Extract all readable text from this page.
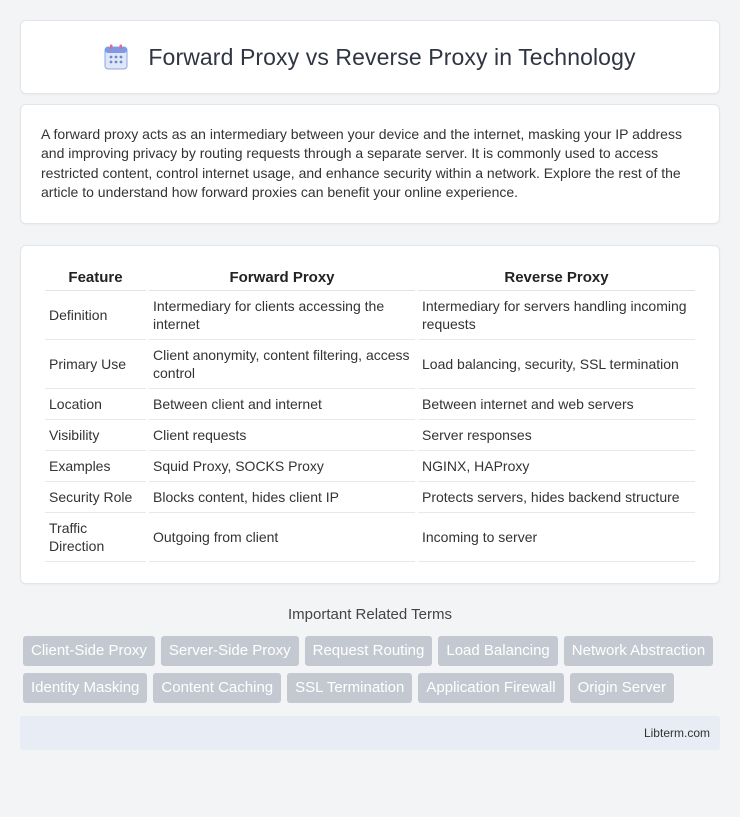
Forward Proxy vs Reverse Proxy in Technology

A forward proxy acts as an intermediary between your device and the internet, masking your IP address and improving privacy by routing requests through a separate server. It is commonly used to access restricted content, control internet usage, and enhance security within a network. Explore the rest of the article to understand how forward proxies can benefit your online experience.

Feature	Forward Proxy	Reverse Proxy
Definition	Intermediary for clients accessing the internet	Intermediary for servers handling incoming requests
Primary Use	Client anonymity, content filtering, access control	Load balancing, security, SSL termination
Location	Between client and internet	Between internet and web servers
Visibility	Client requests	Server responses
Examples	Squid Proxy, SOCKS Proxy	NGINX, HAProxy
Security Role	Blocks content, hides client IP	Protects servers, hides backend structure
Traffic Direction	Outgoing from client	Incoming to server
Important Related Terms
Client-Side Proxy	Server-Side Proxy	Request Routing	Load Balancing	Network Abstraction
Identity Masking	Content Caching	SSL Termination	Application Firewall	Origin Server
Libterm.com
